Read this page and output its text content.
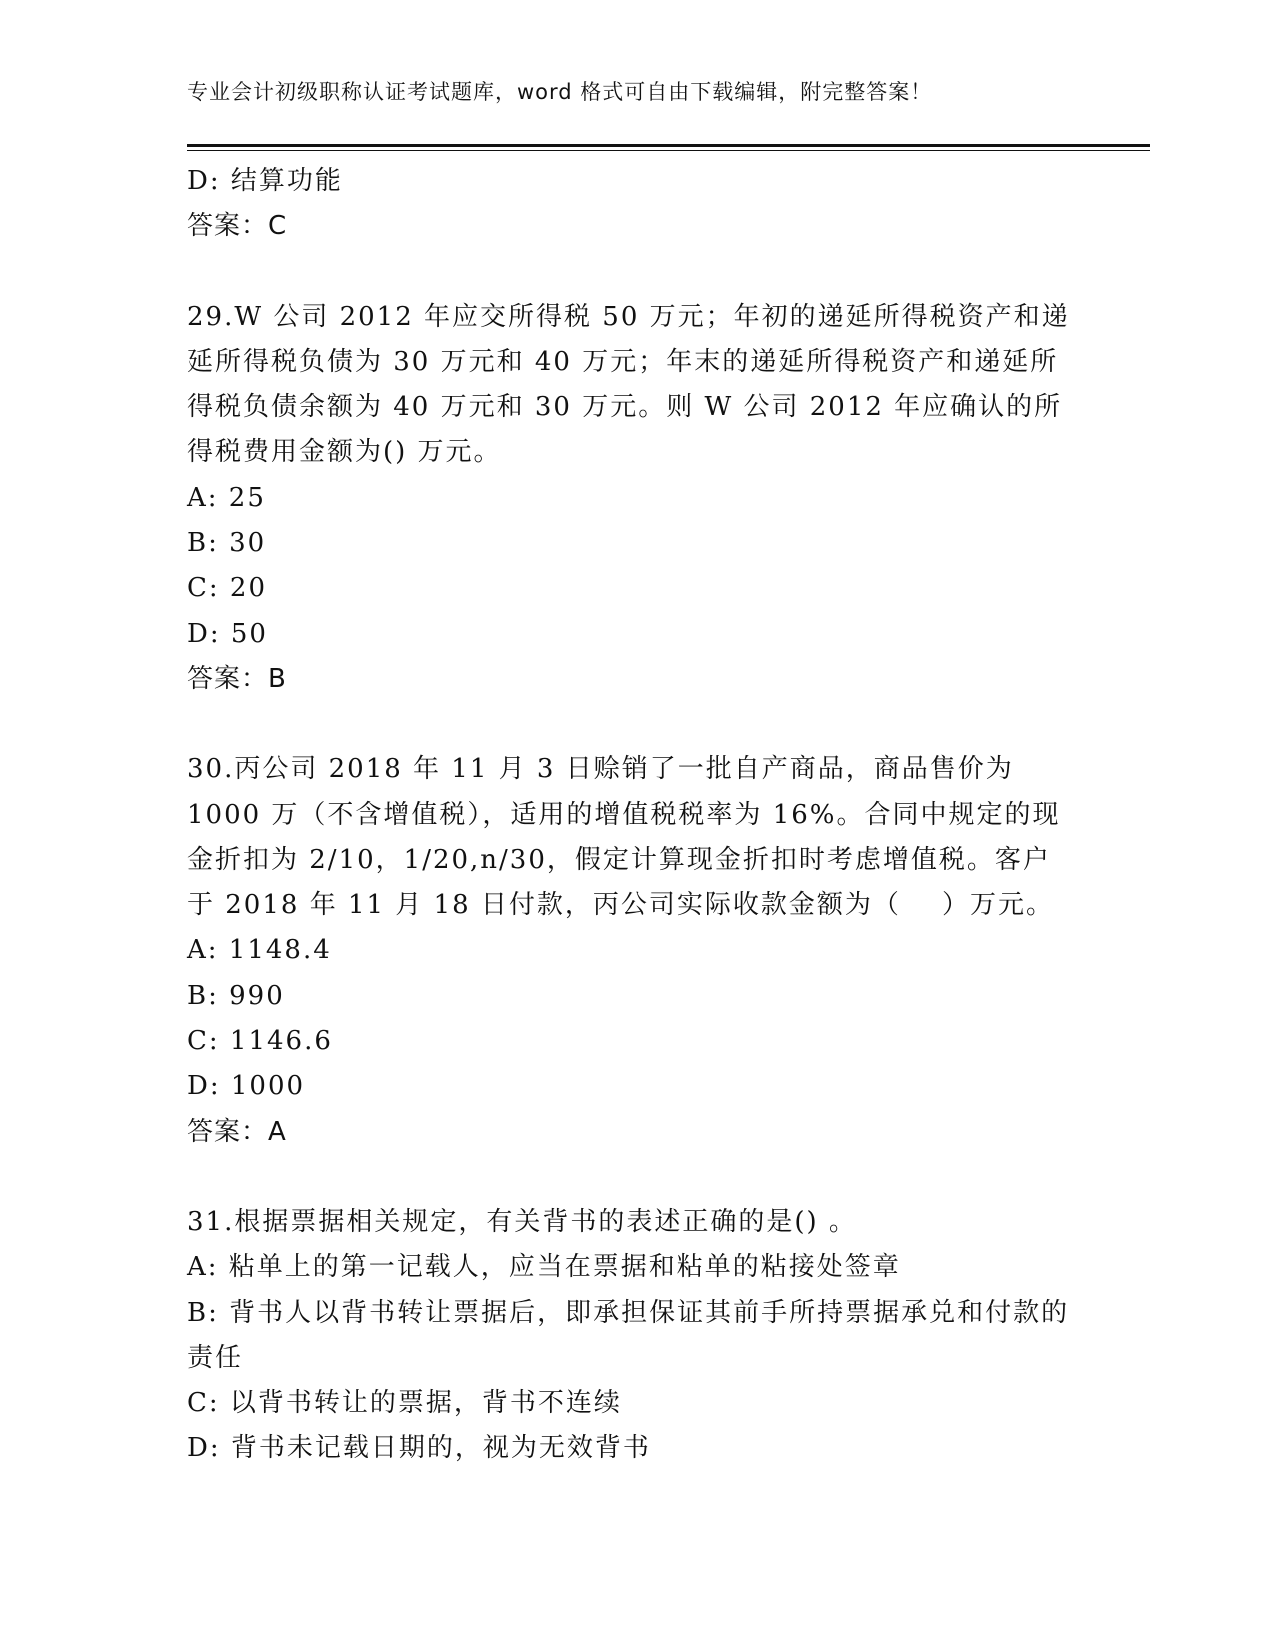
专业会计初级职称认证考试题库，word 格式可自由下载编辑，附完整答案！
D: 结算功能
答案：C
29.W 公司 2012 年应交所得税 50 万元；年初的递延所得税资产和递延所得税负债为 30 万元和 40 万元；年末的递延所得税资产和递延所得税负债余额为 40 万元和 30 万元。则 W 公司 2012 年应确认的所得税费用金额为() 万元。
A: 25
B: 30
C: 20
D: 50
答案：B
30.丙公司 2018 年 11 月 3 日赊销了一批自产商品，商品售价为 1000 万（不含增值税），适用的增值税税率为 16%。合同中规定的现金折扣为 2/10，1/20,n/30，假定计算现金折扣时考虑增值税。客户于 2018 年 11 月 18 日付款，丙公司实际收款金额为（    ）万元。
A: 1148.4
B: 990
C: 1146.6
D: 1000
答案：A
31.根据票据相关规定，有关背书的表述正确的是() 。
A: 粘单上的第一记载人，应当在票据和粘单的粘接处签章
B: 背书人以背书转让票据后，即承担保证其前手所持票据承兑和付款的责任
C: 以背书转让的票据，背书不连续
D: 背书未记载日期的，视为无效背书
